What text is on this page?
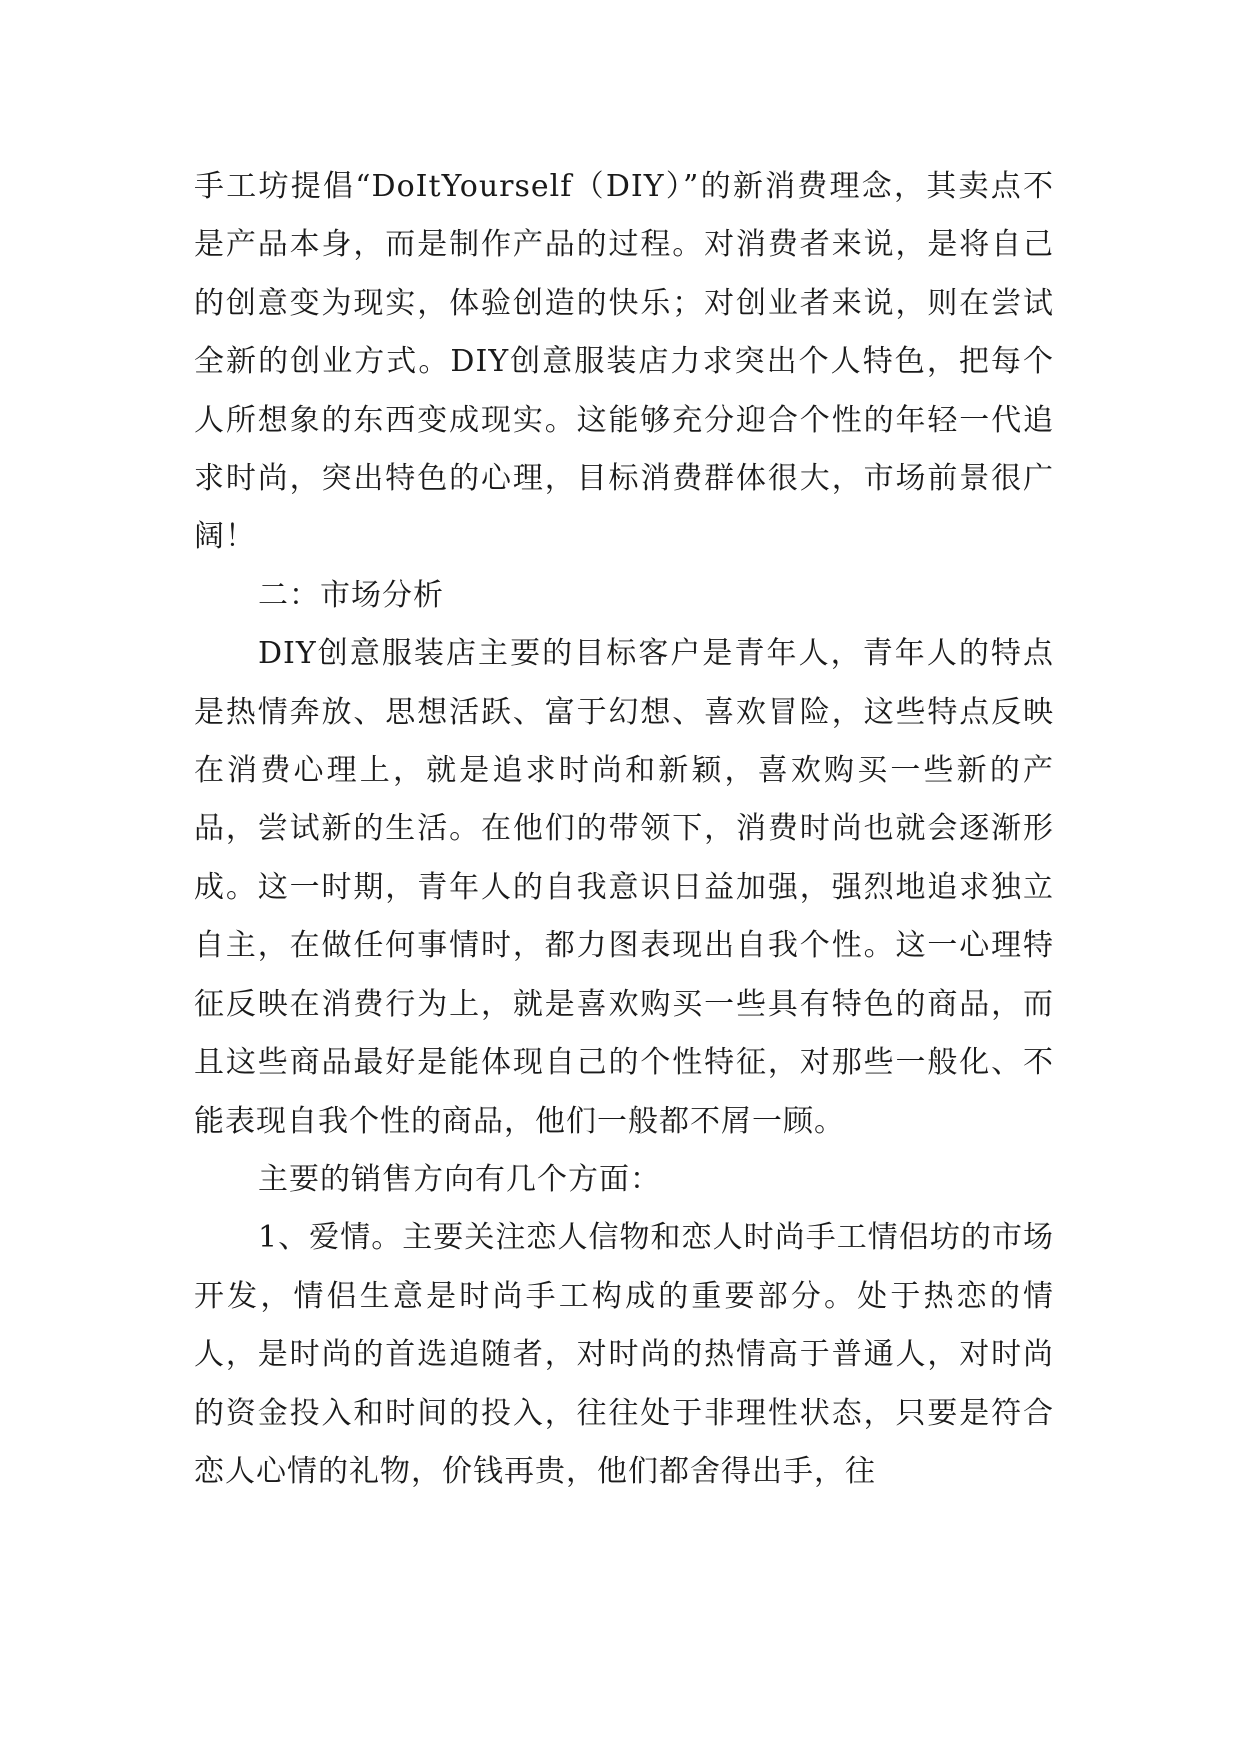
手工坊提倡“DoItYourself（DIY）”的新消费理念，其卖点不是产品本身，而是制作产品的过程。对消费者来说，是将自己的创意变为现实，体验创造的快乐；对创业者来说，则在尝试全新的创业方式。DIY创意服装店力求突出个人特色，把每个人所想象的东西变成现实。这能够充分迎合个性的年轻一代追求时尚，突出特色的心理，目标消费群体很大，市场前景很广阔！

二：市场分析

DIY创意服装店主要的目标客户是青年人，青年人的特点是热情奔放、思想活跃、富于幻想、喜欢冒险，这些特点反映在消费心理上，就是追求时尚和新颖，喜欢购买一些新的产品，尝试新的生活。在他们的带领下，消费时尚也就会逐渐形成。这一时期，青年人的自我意识日益加强，强烈地追求独立自主，在做任何事情时，都力图表现出自我个性。这一心理特征反映在消费行为上，就是喜欢购买一些具有特色的商品，而且这些商品最好是能体现自己的个性特征，对那些一般化、不能表现自我个性的商品，他们一般都不屑一顾。

主要的销售方向有几个方面：

1、爱情。主要关注恋人信物和恋人时尚手工情侣坊的市场开发，情侣生意是时尚手工构成的重要部分。处于热恋的情人，是时尚的首选追随者，对时尚的热情高于普通人，对时尚的资金投入和时间的投入，往往处于非理性状态，只要是符合恋人心情的礼物，价钱再贵，他们都舍得出手，往
